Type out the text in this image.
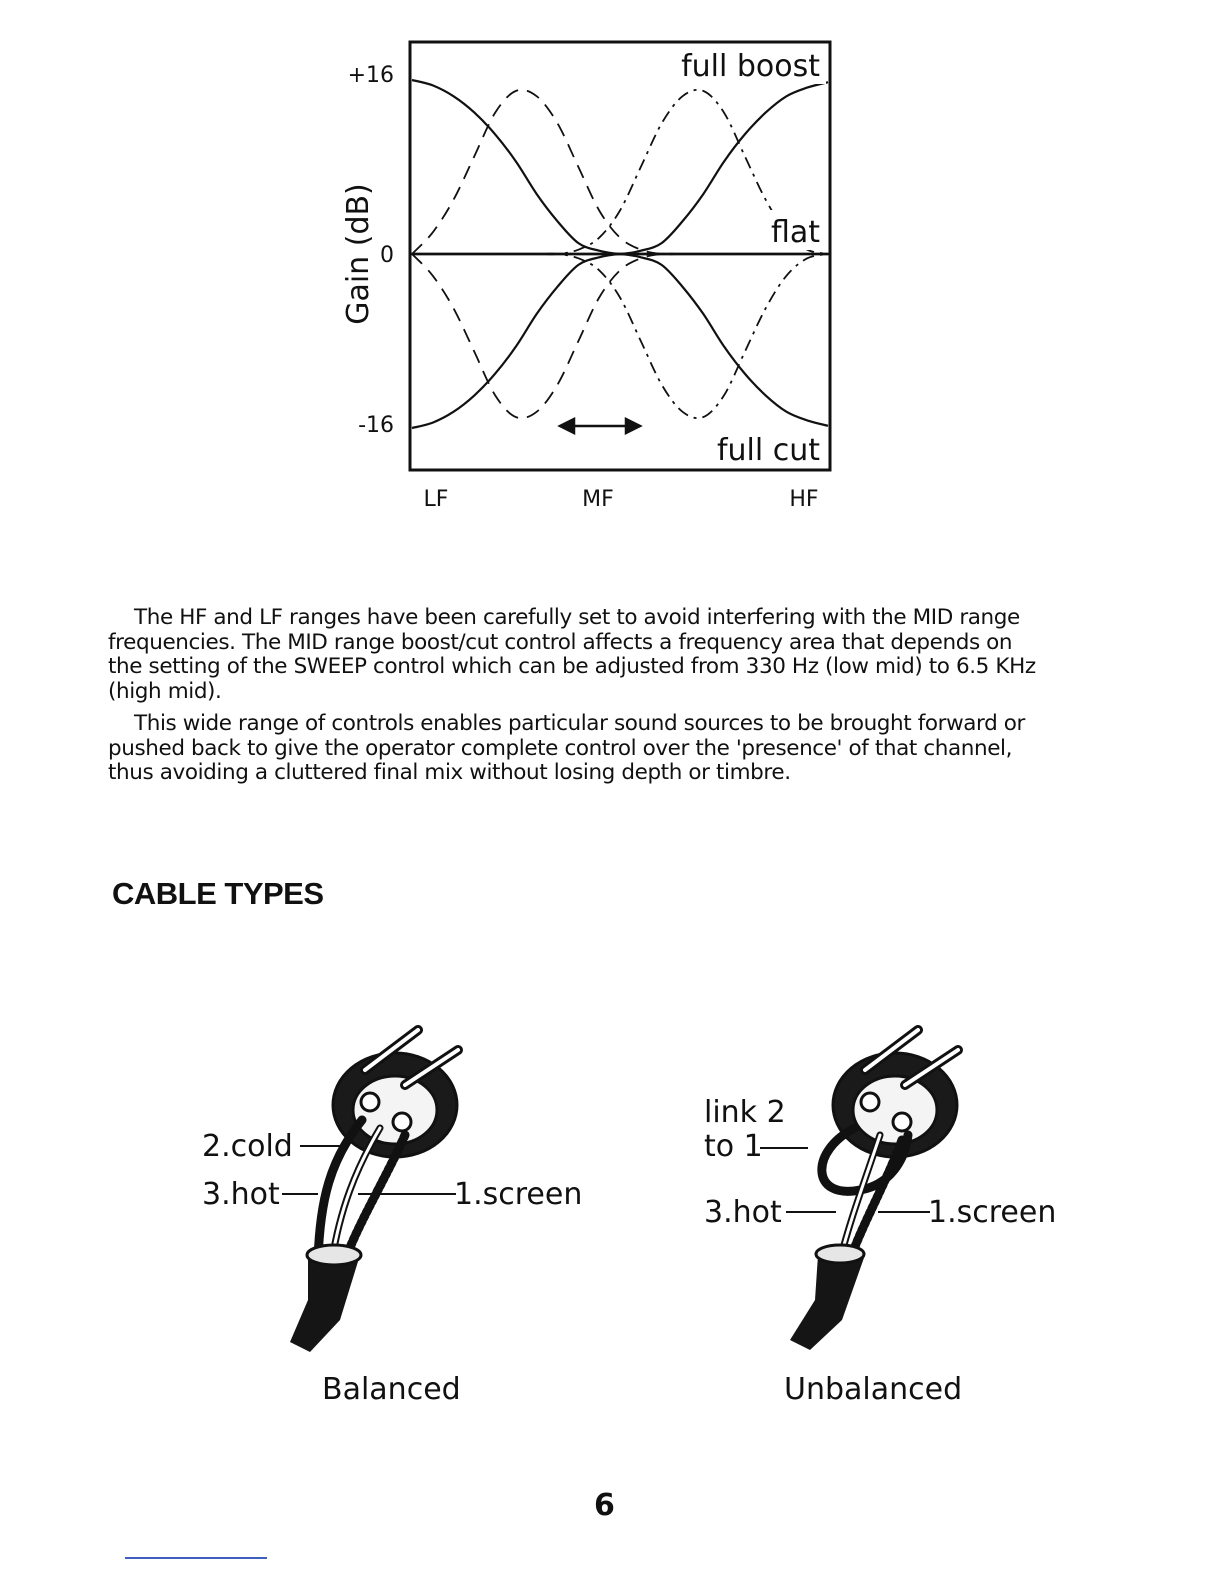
Gain (dB)
+16
0
-16
LF	MF	HF
full boost
flat
full cut

The HF and LF ranges have been carefully set to avoid interfering with the MID range frequencies. The MID range boost/cut control affects a frequency area that depends on the setting of the SWEEP control which can be adjusted from 330 Hz (low mid) to 6.5 KHz (high mid).

This wide range of controls enables particular sound sources to be brought forward or pushed back to give the operator complete control over the 'presence' of that channel, thus avoiding a cluttered final mix without losing depth or timbre.

CABLE TYPES
2.cold
3.hot	1.screen
Balanced
link 2
to 1
3.hot	1.screen
Unbalanced
6
